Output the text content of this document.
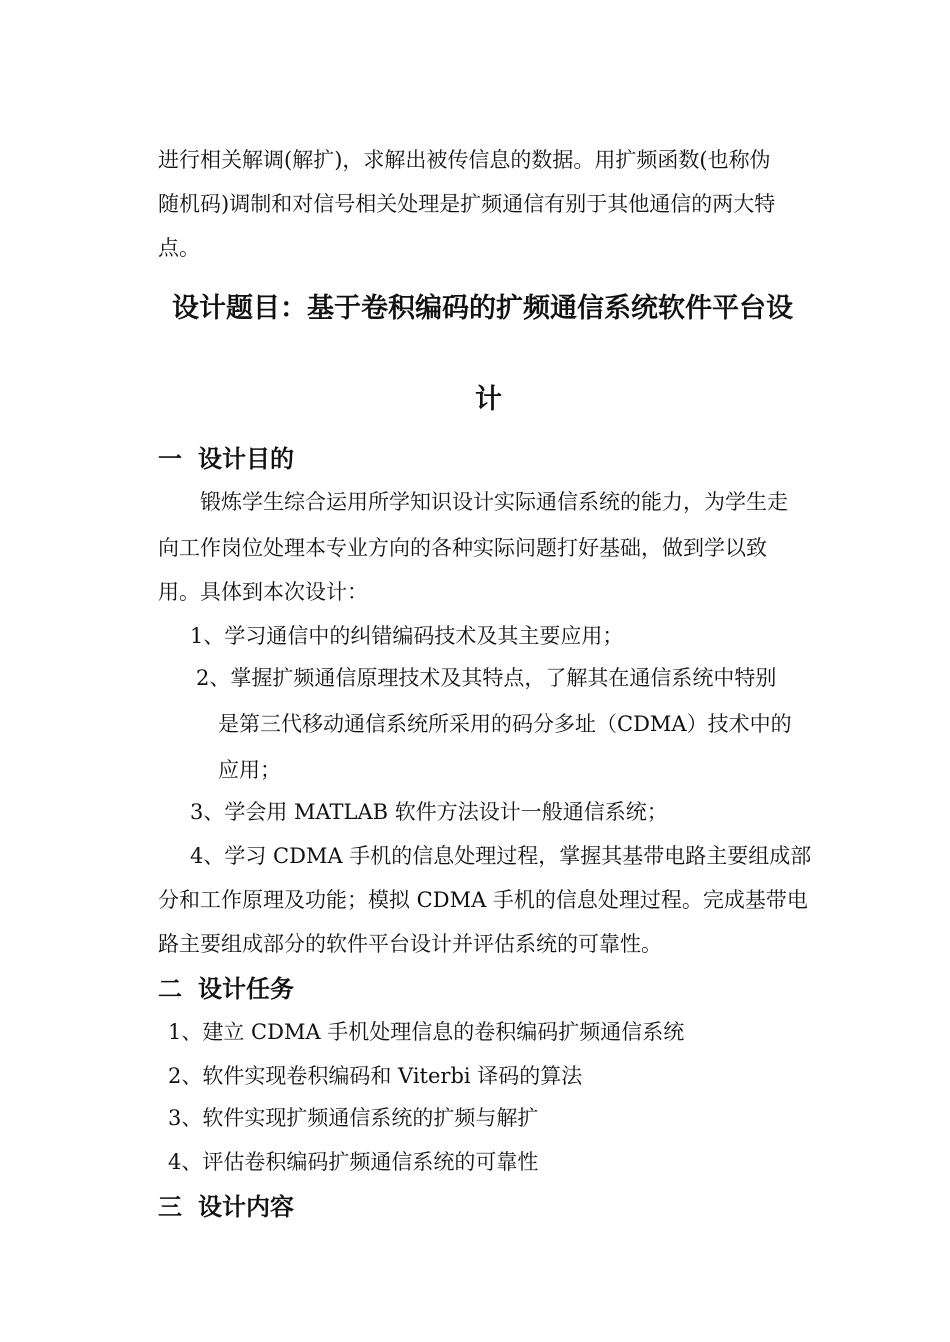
进行相关解调(解扩)，求解出被传信息的数据。用扩频函数(也称伪
随机码)调制和对信号相关处理是扩频通信有别于其他通信的两大特
点。
设计题目：基于卷积编码的扩频通信系统软件平台设
计
一 设计目的
锻炼学生综合运用所学知识设计实际通信系统的能力，为学生走
向工作岗位处理本专业方向的各种实际问题打好基础，做到学以致
用。具体到本次设计：
1、学习通信中的纠错编码技术及其主要应用；
2、掌握扩频通信原理技术及其特点，了解其在通信系统中特别
是第三代移动通信系统所采用的码分多址（CDMA）技术中的
应用；
3、学会用 MATLAB 软件方法设计一般通信系统；
4、学习 CDMA 手机的信息处理过程，掌握其基带电路主要组成部
分和工作原理及功能；模拟 CDMA 手机的信息处理过程。完成基带电
路主要组成部分的软件平台设计并评估系统的可靠性。
二 设计任务
1、建立 CDMA 手机处理信息的卷积编码扩频通信系统
2、软件实现卷积编码和 Viterbi 译码的算法
3、软件实现扩频通信系统的扩频与解扩
4、评估卷积编码扩频通信系统的可靠性
三 设计内容
